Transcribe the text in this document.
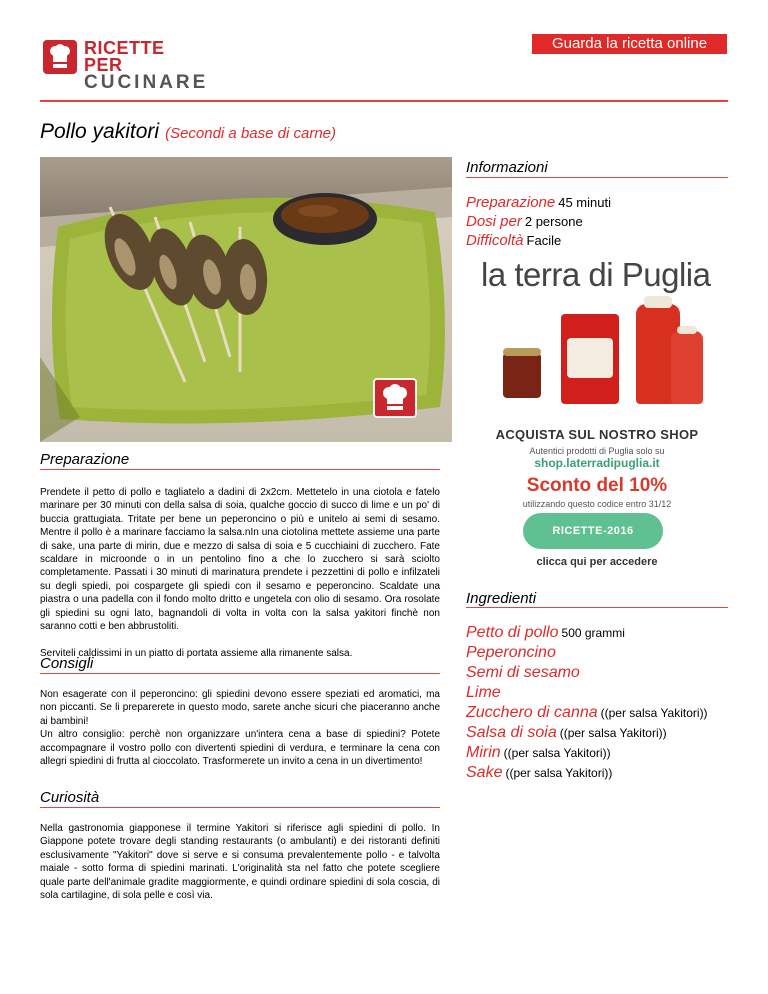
RICETTE PER
CUCINARE
Guarda la ricetta online
Pollo yakitori (Secondi a base di carne)
Preparazione

Prendete il petto di pollo e tagliatelo a dadini di 2x2cm. Mettetelo in una ciotola e fatelo marinare per 30 minuti con della salsa di soia, qualche goccio di succo di lime e un po' di buccia grattugiata. Tritate per bene un peperoncino o più e unitelo ai semi di sesamo. Mentre il pollo è a marinare facciamo la salsa.nIn una ciotolina mettete assieme una parte di sake, una parte di mirin, due e mezzo di salsa di soia e 5 cucchiaini di zucchero. Fate scaldare in microonde o in un pentolino fino a che lo zucchero si sarà sciolto completamente. Passati i 30 minuti di marinatura prendete i pezzettini di pollo e infilzateli su degli spiedi, poi cospargete gli spiedi con il sesamo e peperoncino. Scaldate una piastra o una padella con il fondo molto dritto e ungetela con olio di sesamo. Ora rosolate gli spiedini su ogni lato, bagnandoli di volta in volta con la salsa yakitori finchè non saranno cotti e ben abbrustoliti.

Serviteli caldissimi in un piatto di portata assieme alla rimanente salsa.

Consigli

Non esagerate con il peperoncino: gli spiedini devono essere speziati ed aromatici, ma non piccanti. Se li preparerete in questo modo, sarete anche sicuri che piaceranno anche ai bambini!

Un altro consiglio: perchè non organizzare un'intera cena a base di spiedini? Potete accompagnare il vostro pollo con divertenti spiedini di verdura, e terminare la cena con allegri spiedini di frutta al cioccolato. Trasformerete un invito a cena in un divertimento!

Curiosità

Nella gastronomia giapponese il termine Yakitori si riferisce agli spiedini di pollo. In Giappone potete trovare degli standing restaurants (o ambulanti) e dei ristoranti definiti esclusivamente "Yakitori" dove si serve e si consuma prevalentemente pollo - e talvolta maiale - sotto forma di spiedini marinati. L'originalità sta nel fatto che potete scegliere quale parte dell'animale gradite maggiormente, e quindi ordinare spiedini di sola coscia, di sola cartilagine, di sola pelle e così via.

Informazioni
Preparazione 45 minuti
Dosi per 2 persone
Difficoltà Facile
la terra di Puglia
ACQUISTA SUL NOSTRO SHOP
Autentici prodotti di Puglia solo su
shop.laterradipuglia.it
Sconto del 10%
utilizzando questo codice entro 31/12
RICETTE-2016
clicca qui per accedere
Ingredienti
Petto di pollo 500 grammi
Peperoncino
Semi di sesamo
Lime
Zucchero di canna ((per salsa Yakitori))
Salsa di soia ((per salsa Yakitori))
Mirin ((per salsa Yakitori))
Sake ((per salsa Yakitori))
